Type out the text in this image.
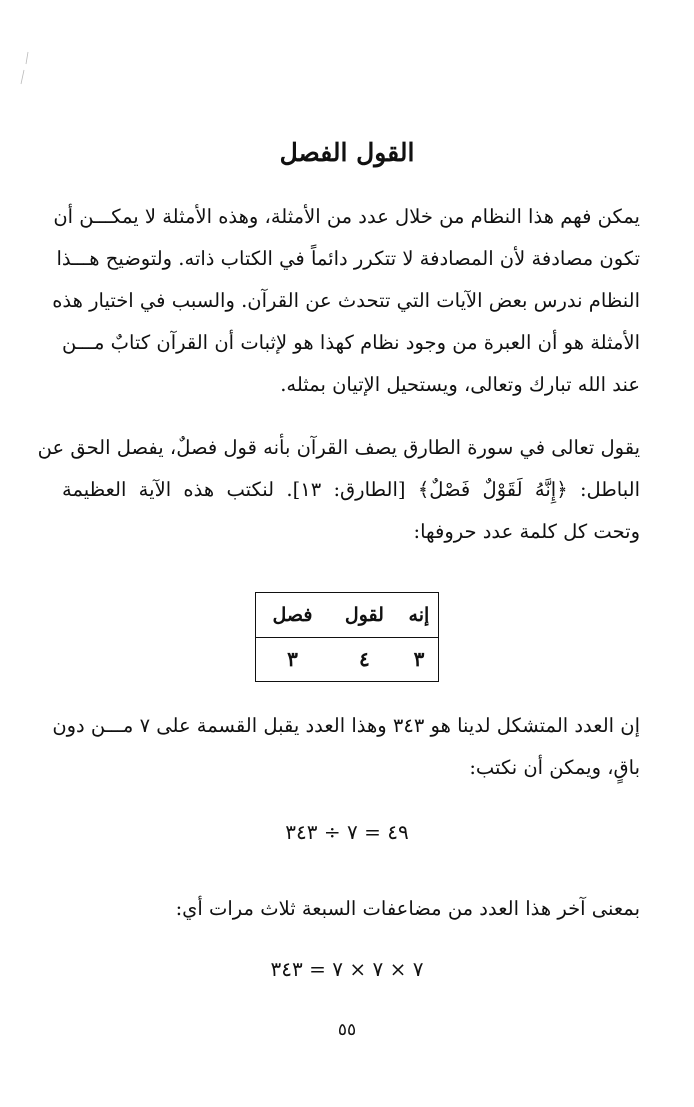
القول الفصل
يمكن فهم هذا النظام من خلال عدد من الأمثلة، وهذه الأمثلة لا يمكـــن أن
تكون مصادفة لأن المصادفة لا تتكرر دائماً في الكتاب ذاته. ولتوضيح هـــذا
النظام ندرس بعض الآيات التي تتحدث عن القرآن. والسبب في اختيار هذه
الأمثلة هو أن العبرة من وجود نظام كهذا هو لإثبات أن القرآن كتابٌ مـــن
عند الله تبارك وتعالى، ويستحيل الإتيان بمثله.
يقول تعالى في سورة الطارق يصف القرآن بأنه قول فصلٌ، يفصل الحق عن
الباطل: ﴿إِنَّهُ لَقَوْلٌ فَصْلٌ﴾ [الطارق: ١٣]. لنكتب هذه الآية العظيمة
وتحت كل كلمة عدد حروفها:
إنه	لقول	فصل
٣	٤	٣
إن العدد المتشكل لدينا هو ٣٤٣ وهذا العدد يقبل القسمة على ٧ مـــن دون
باقٍ، ويمكن أن نكتب:
٤٩ = ٧ ÷ ٣٤٣
بمعنى آخر هذا العدد من مضاعفات السبعة ثلاث مرات أي:
٧ × ٧ × ٧ = ٣٤٣
٥٥
